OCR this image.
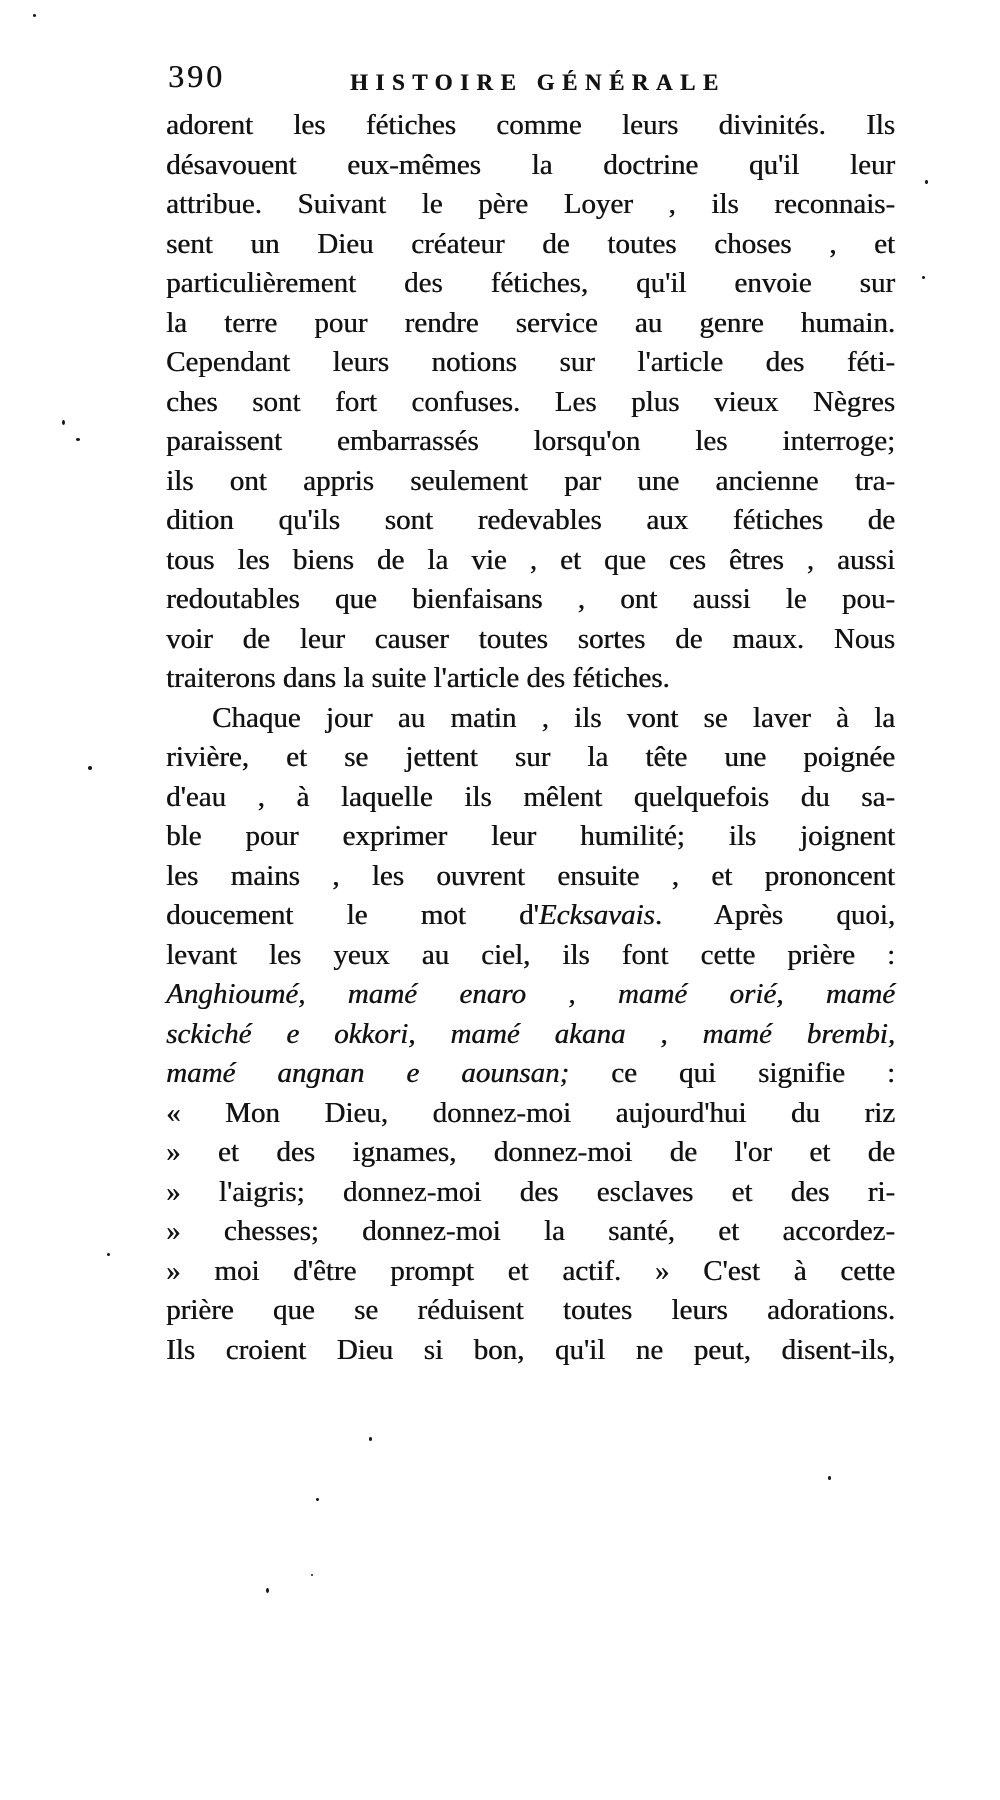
390	HISTOIRE GÉNÉRALE
adorent les fétiches comme leurs divinités. Ils
désavouent eux-mêmes la doctrine qu'il leur
attribue. Suivant le père Loyer , ils reconnais-
sent un Dieu créateur de toutes choses , et
particulièrement des fétiches, qu'il envoie sur
la terre pour rendre service au genre humain.
Cependant leurs notions sur l'article des féti-
ches sont fort confuses. Les plus vieux Nègres
paraissent embarrassés lorsqu'on les interroge;
ils ont appris seulement par une ancienne tra-
dition qu'ils sont redevables aux fétiches de
tous les biens de la vie , et que ces êtres , aussi
redoutables que bienfaisans , ont aussi le pou-
voir de leur causer toutes sortes de maux. Nous
traiterons dans la suite l'article des fétiches.
Chaque jour au matin , ils vont se laver à la
rivière, et se jettent sur la tête une poignée
d'eau , à laquelle ils mêlent quelquefois du sa-
ble pour exprimer leur humilité; ils joignent
les mains , les ouvrent ensuite , et prononcent
doucement le mot d'Ecksavais. Après quoi,
levant les yeux au ciel, ils font cette prière :
Anghioumé, mamé enaro , mamé orié, mamé
sckiché e okkori, mamé akana , mamé brembi,
mamé angnan e aounsan; ce qui signifie :
« Mon Dieu, donnez-moi aujourd'hui du riz
» et des ignames, donnez-moi de l'or et de
» l'aigris; donnez-moi des esclaves et des ri-
» chesses; donnez-moi la santé, et accordez-
» moi d'être prompt et actif. » C'est à cette
prière que se réduisent toutes leurs adorations.
Ils croient Dieu si bon, qu'il ne peut, disent-ils,
